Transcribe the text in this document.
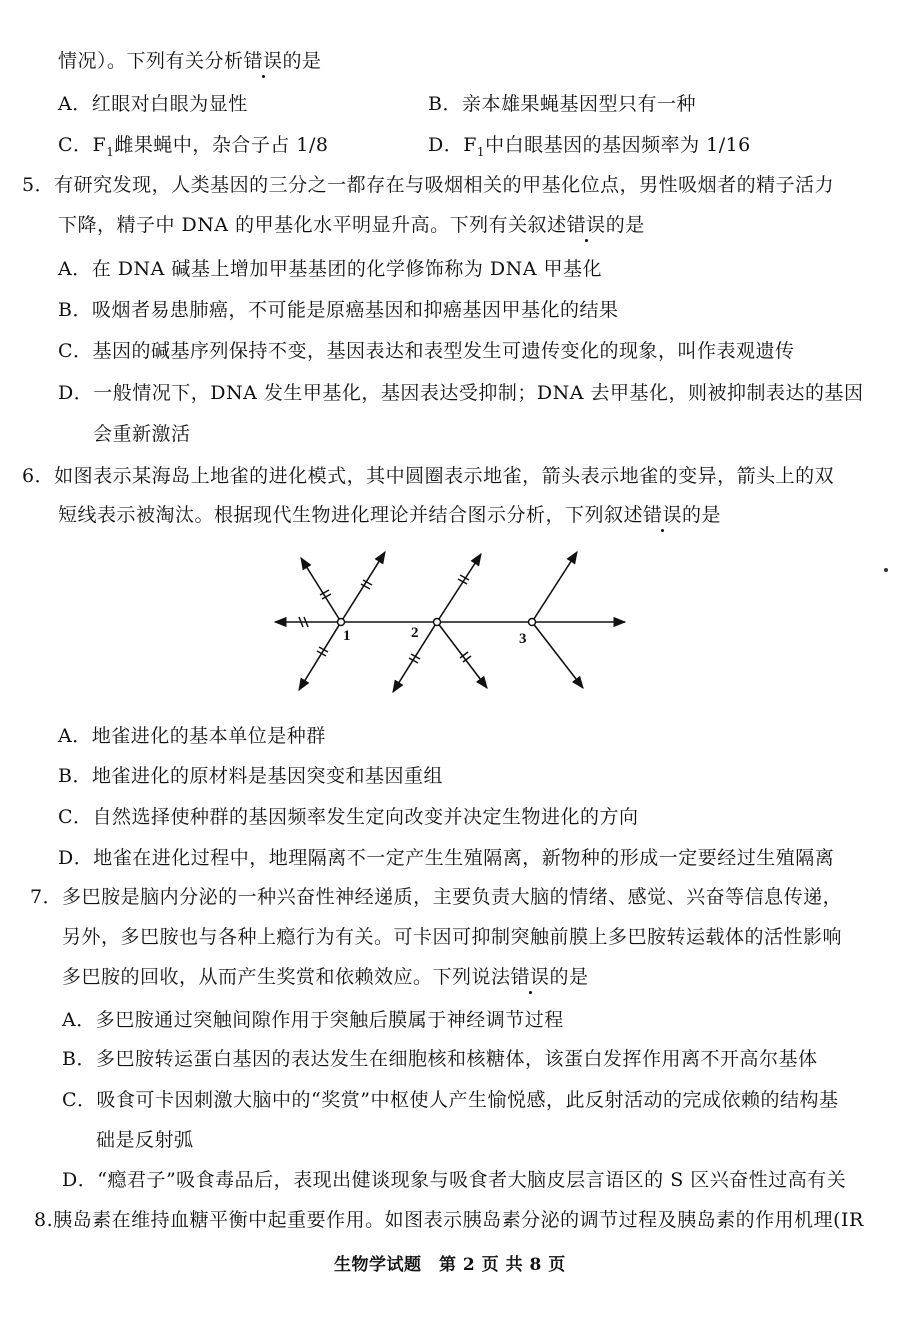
情况）。下列有关分析错误的是
A．红眼对白眼为显性	B．亲本雄果蝇基因型只有一种
C．$F_1$雌果蝇中，杂合子占 1/8	D．$F_1$中白眼基因的基因频率为 1/16
5．有研究发现，人类基因的三分之一都存在与吸烟相关的甲基化位点，男性吸烟者的精子活力
下降，精子中 DNA 的甲基化水平明显升高。下列有关叙述错误的是
A．在 DNA 碱基上增加甲基基团的化学修饰称为 DNA 甲基化
B．吸烟者易患肺癌，不可能是原癌基因和抑癌基因甲基化的结果
C．基因的碱基序列保持不变，基因表达和表型发生可遗传变化的现象，叫作表观遗传
D．一般情况下，DNA 发生甲基化，基因表达受抑制；DNA 去甲基化，则被抑制表达的基因
会重新激活
6．如图表示某海岛上地雀的进化模式，其中圆圈表示地雀，箭头表示地雀的变异，箭头上的双
短线表示被淘汰。根据现代生物进化理论并结合图示分析，下列叙述错误的是
1	2	3
A．地雀进化的基本单位是种群
B．地雀进化的原材料是基因突变和基因重组
C．自然选择使种群的基因频率发生定向改变并决定生物进化的方向
D．地雀在进化过程中，地理隔离不一定产生生殖隔离，新物种的形成一定要经过生殖隔离
7．多巴胺是脑内分泌的一种兴奋性神经递质，主要负责大脑的情绪、感觉、兴奋等信息传递，
另外，多巴胺也与各种上瘾行为有关。可卡因可抑制突触前膜上多巴胺转运载体的活性影响
多巴胺的回收，从而产生奖赏和依赖效应。下列说法错误的是
A．多巴胺通过突触间隙作用于突触后膜属于神经调节过程
B．多巴胺转运蛋白基因的表达发生在细胞核和核糖体，该蛋白发挥作用离不开高尔基体
C．吸食可卡因刺激大脑中的“奖赏”中枢使人产生愉悦感，此反射活动的完成依赖的结构基
础是反射弧
D．“瘾君子”吸食毒品后，表现出健谈现象与吸食者大脑皮层言语区的 S 区兴奋性过高有关
8.胰岛素在维持血糖平衡中起重要作用。如图表示胰岛素分泌的调节过程及胰岛素的作用机理(IR
生物学试题　第 2 页 共 8 页
